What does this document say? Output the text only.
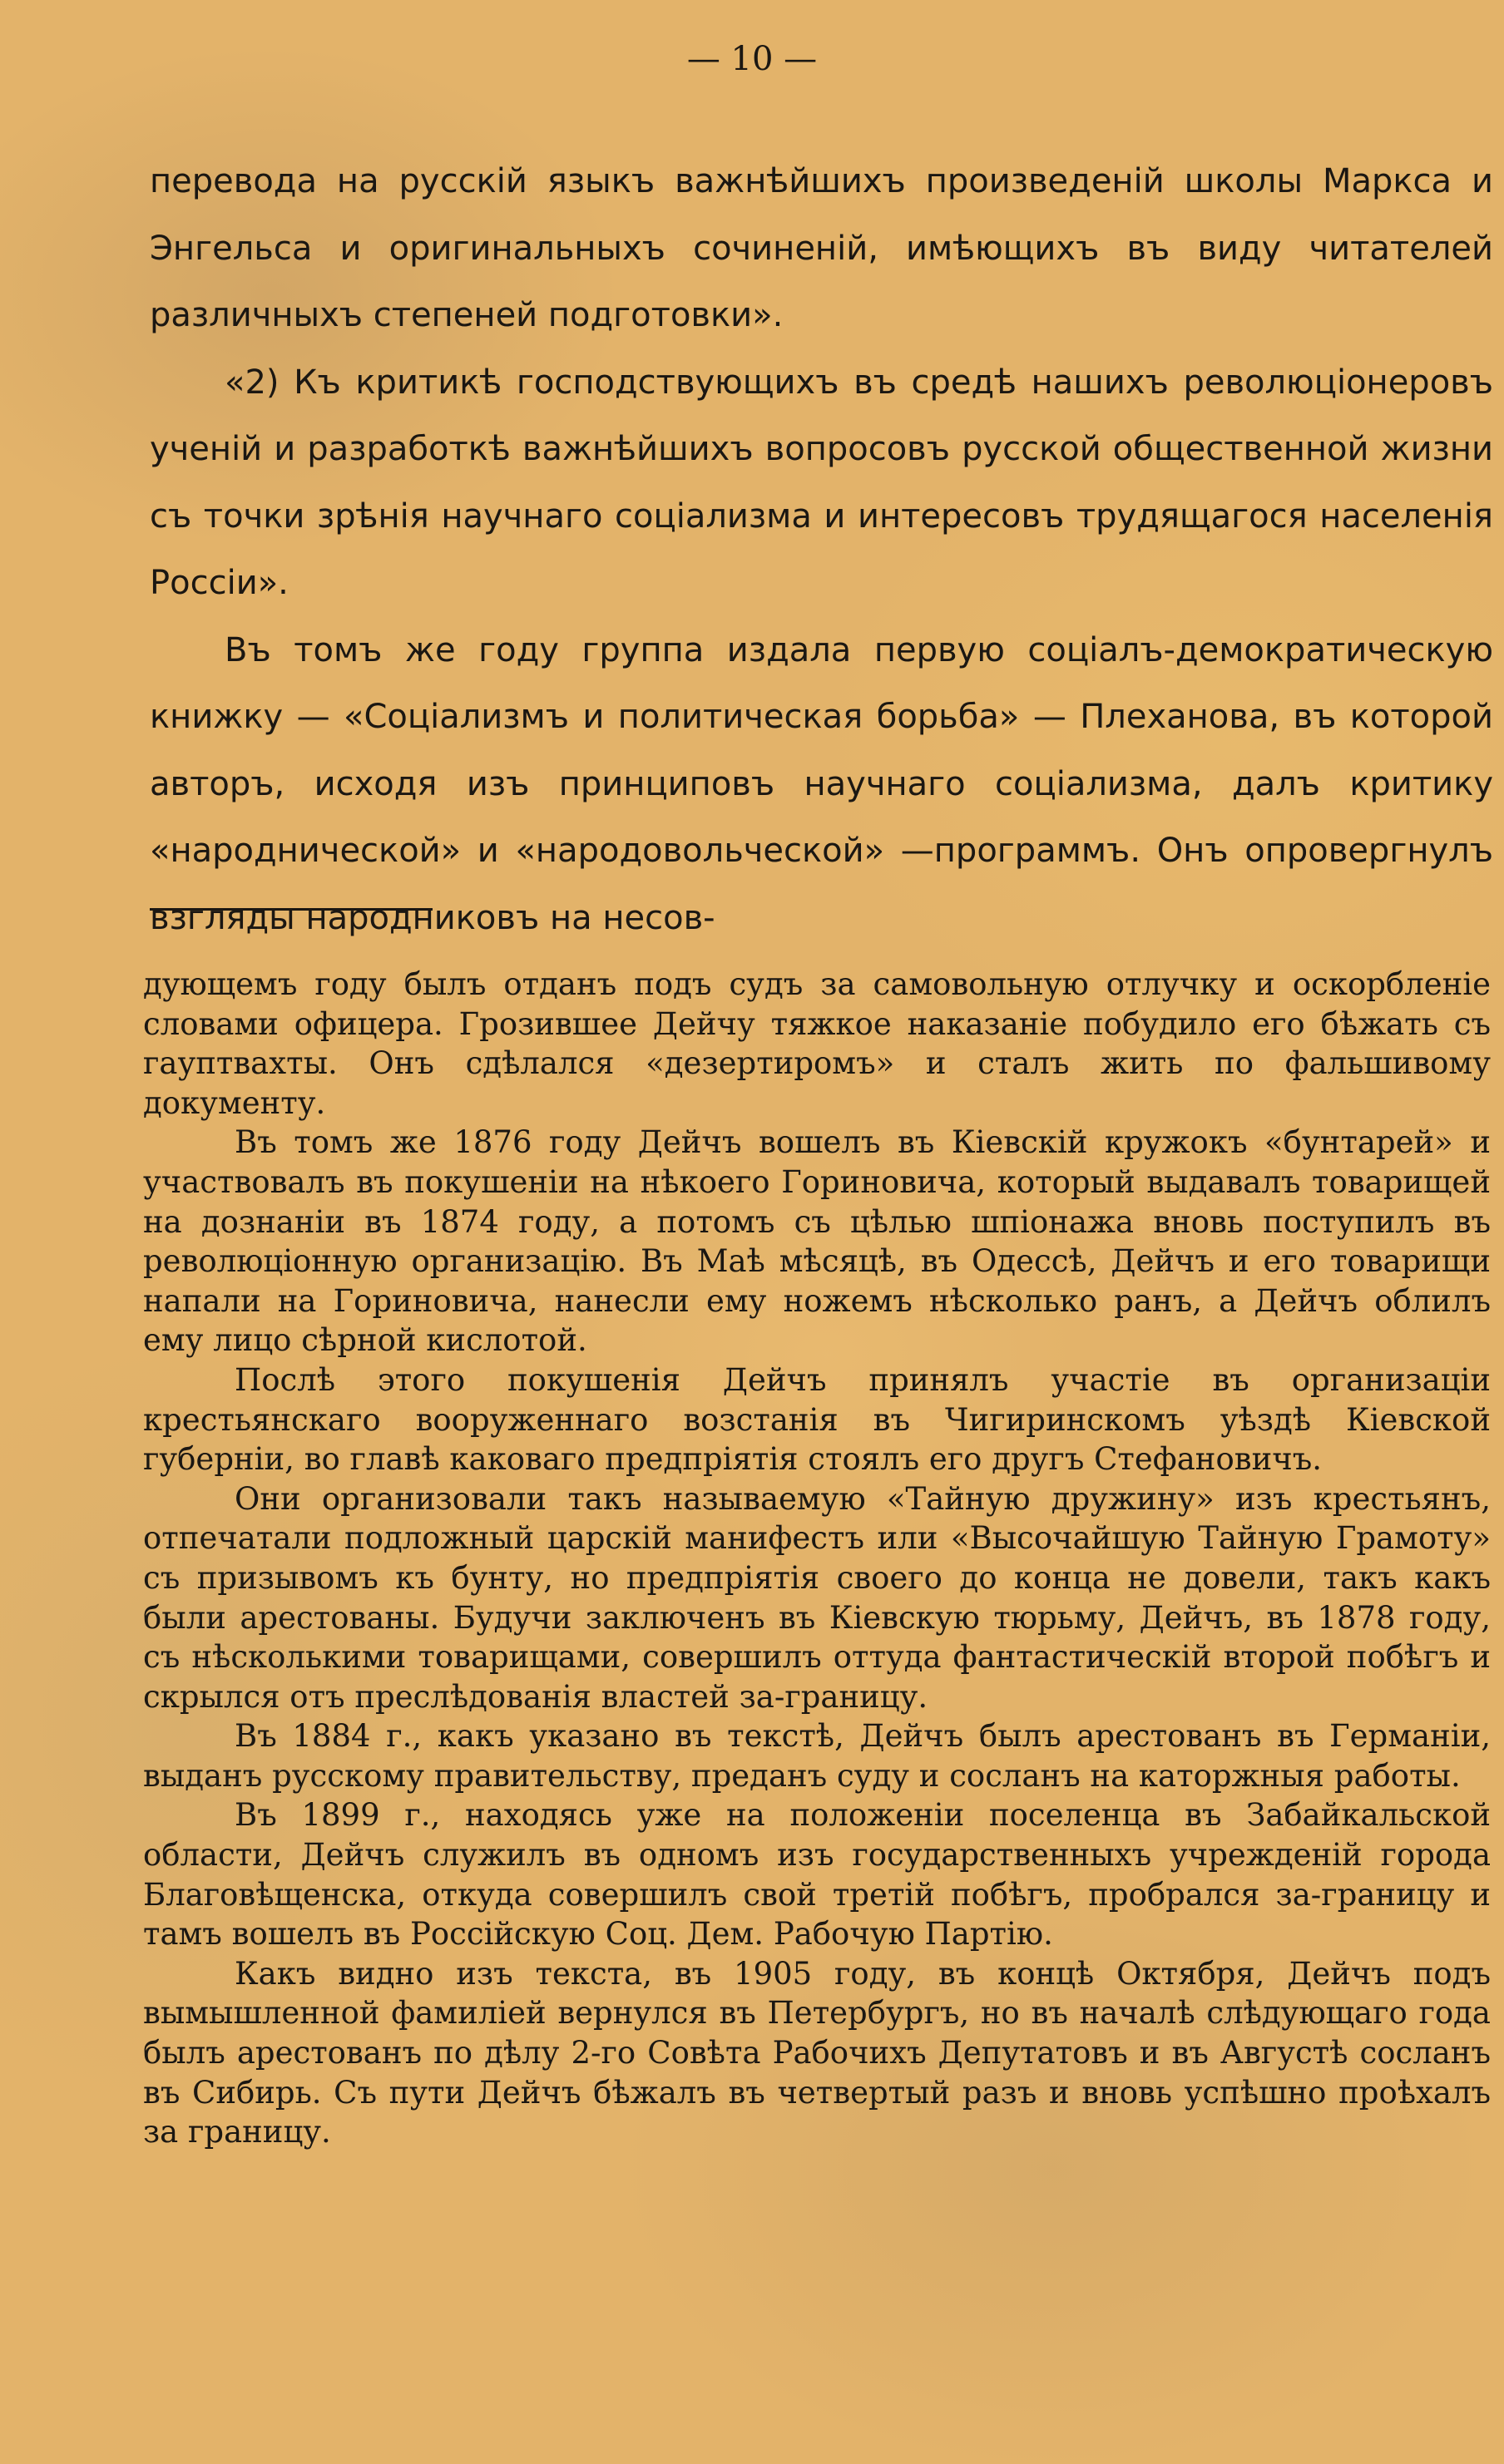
— 10 —

перевода на русскій языкъ важнѣйшихъ произведеній школы Маркса и Энгельса и оригинальныхъ сочиненій, имѣющихъ въ виду читателей различныхъ степеней подготовки».

«2) Къ критикѣ господствующихъ въ средѣ нашихъ революціонеровъ ученій и разработкѣ важнѣйшихъ вопросовъ русской общественной жизни съ точки зрѣнія научнаго соціализма и интересовъ трудящагося населенія Россіи».

Въ томъ же году группа издала первую соціалъ-демократическую книжку — «Соціализмъ и политическая борьба» — Плеханова, въ которой авторъ, исходя изъ принциповъ научнаго соціализма, далъ критику «народнической» и «народовольческой» —программъ. Онъ опровергнулъ взгляды народниковъ на несов-

дующемъ году былъ отданъ подъ судъ за самовольную отлучку и оскорбленіе словами офицера. Грозившее Дейчу тяжкое наказаніе побудило его бѣжать съ гауптвахты. Онъ сдѣлался «дезертиромъ» и сталъ жить по фальшивому документу.

Въ томъ же 1876 году Дейчъ вошелъ въ Кіевскій кружокъ «бунтарей» и участвовалъ въ покушеніи на нѣкоего Гориновича, который выдавалъ товарищей на дознаніи въ 1874 году, а потомъ съ цѣлью шпіонажа вновь поступилъ въ революціонную организацію. Въ Маѣ мѣсяцѣ, въ Одессѣ, Дейчъ и его товарищи напали на Гориновича, нанесли ему ножемъ нѣсколько ранъ, а Дейчъ облилъ ему лицо сѣрной кислотой.

Послѣ этого покушенія Дейчъ принялъ участіе въ организаціи крестьянскаго вооруженнаго возстанія въ Чигиринскомъ уѣздѣ Кіевской губерніи, во главѣ каковаго предпріятія стоялъ его другъ Стефановичъ.

Они организовали такъ называемую «Тайную дружину» изъ крестьянъ, отпечатали подложный царскій манифестъ или «Высочайшую Тайную Грамоту» съ призывомъ къ бунту, но предпріятія своего до конца не довели, такъ какъ были арестованы. Будучи заключенъ въ Кіевскую тюрьму, Дейчъ, въ 1878 году, съ нѣсколькими товарищами, совершилъ оттуда фантастическій второй побѣгъ и скрылся отъ преслѣдованія властей за-границу.

Въ 1884 г., какъ указано въ текстѣ, Дейчъ былъ арестованъ въ Германіи, выданъ русскому правительству, преданъ суду и сосланъ на каторжныя работы.

Въ 1899 г., находясь уже на положеніи поселенца въ Забайкальской области, Дейчъ служилъ въ одномъ изъ государственныхъ учрежденій города Благовѣщенска, откуда совершилъ свой третій побѣгъ, пробрался за-границу и тамъ вошелъ въ Россійскую Соц. Дем. Рабочую Партію.

Какъ видно изъ текста, въ 1905 году, въ концѣ Октября, Дейчъ подъ вымышленной фамиліей вернулся въ Петербургъ, но въ началѣ слѣдующаго года былъ арестованъ по дѣлу 2-го Совѣта Рабочихъ Депутатовъ и въ Августѣ сосланъ въ Сибирь. Съ пути Дейчъ бѣжалъ въ четвертый разъ и вновь успѣшно проѣхалъ за границу.
